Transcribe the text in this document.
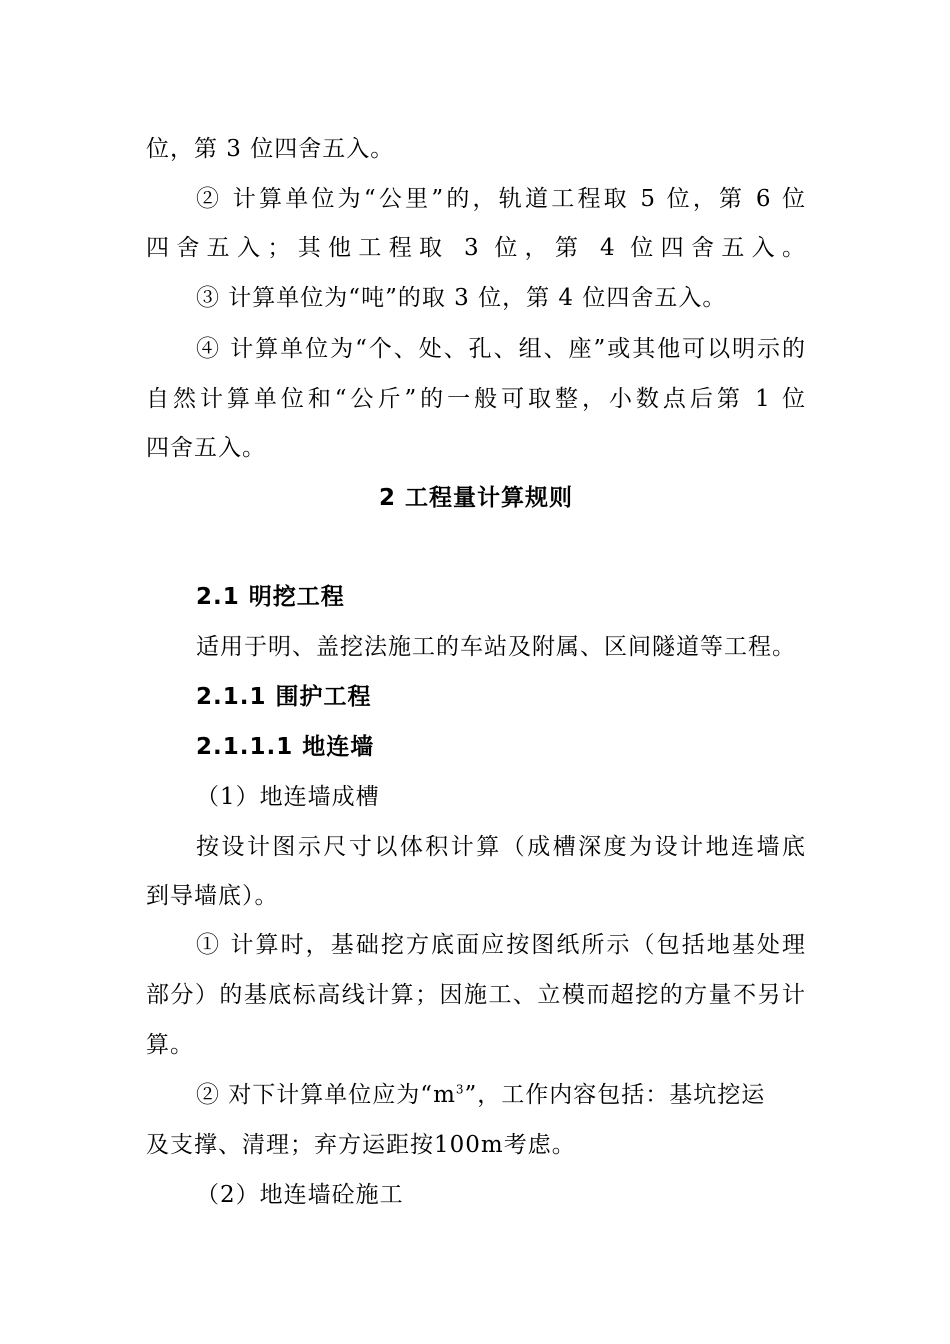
位，第 3 位四舍五入。
② 计算单位为“公里”的，轨道工程取 5 位，第 6 位
四舍五入；其他工程取 3 位，第 4 位四舍五入。
③ 计算单位为“吨”的取 3 位，第 4 位四舍五入。
④ 计算单位为“个、处、孔、组、座”或其他可以明示的
自然计算单位和“公斤”的一般可取整，小数点后第 1 位
四舍五入。
2 工程量计算规则
2.1 明挖工程
适用于明、盖挖法施工的车站及附属、区间隧道等工程。
2.1.1 围护工程
2.1.1.1 地连墙
（1）地连墙成槽
按设计图示尺寸以体积计算（成槽深度为设计地连墙底
到导墙底）。
① 计算时，基础挖方底面应按图纸所示（包括地基处理
部分）的基底标高线计算；因施工、立模而超挖的方量不另计
算。
② 对下计算单位应为“$m^3$”，工作内容包括：基坑挖运
及支撑、清理；弃方运距按100m考虑。
（2）地连墙砼施工
